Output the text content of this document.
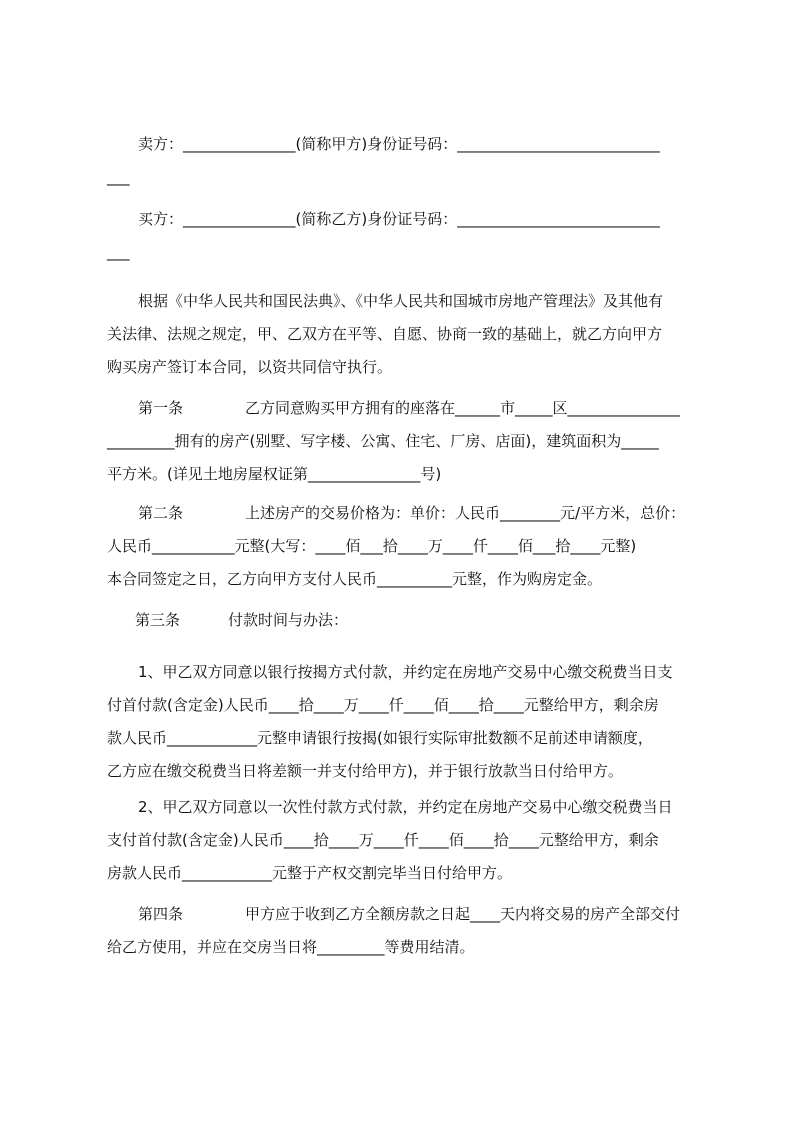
卖方：_______________(简称甲方)身份证号码：___________________________
___
买方：_______________(简称乙方)身份证号码：___________________________
___
根据《中华人民共和国民法典》、《中华人民共和国城市房地产管理法》及其他有
关法律、法规之规定，甲、乙双方在平等、自愿、协商一致的基础上，就乙方向甲方
购买房产签订本合同，以资共同信守执行。
第一条	乙方同意购买甲方拥有的座落在______市_____区_______________
_________拥有的房产(别墅、写字楼、公寓、住宅、厂房、店面)，建筑面积为_____
平方米。(详见土地房屋权证第_______________号)
第二条	上述房产的交易价格为：单价：人民币________元/平方米，总价：
人民币___________元整(大写：____佰___拾____万____仟____佰___拾____元整)
本合同签定之日，乙方向甲方支付人民币__________元整，作为购房定金。
第三条	付款时间与办法：
1、甲乙双方同意以银行按揭方式付款，并约定在房地产交易中心缴交税费当日支
付首付款(含定金)人民币____拾____万____仟____佰____拾____元整给甲方，剩余房
款人民币____________元整申请银行按揭(如银行实际审批数额不足前述申请额度，
乙方应在缴交税费当日将差额一并支付给甲方)，并于银行放款当日付给甲方。
2、甲乙双方同意以一次性付款方式付款，并约定在房地产交易中心缴交税费当日
支付首付款(含定金)人民币____拾____万____仟____佰____拾____元整给甲方，剩余
房款人民币____________元整于产权交割完毕当日付给甲方。
第四条	甲方应于收到乙方全额房款之日起____天内将交易的房产全部交付
给乙方使用，并应在交房当日将_________等费用结清。
